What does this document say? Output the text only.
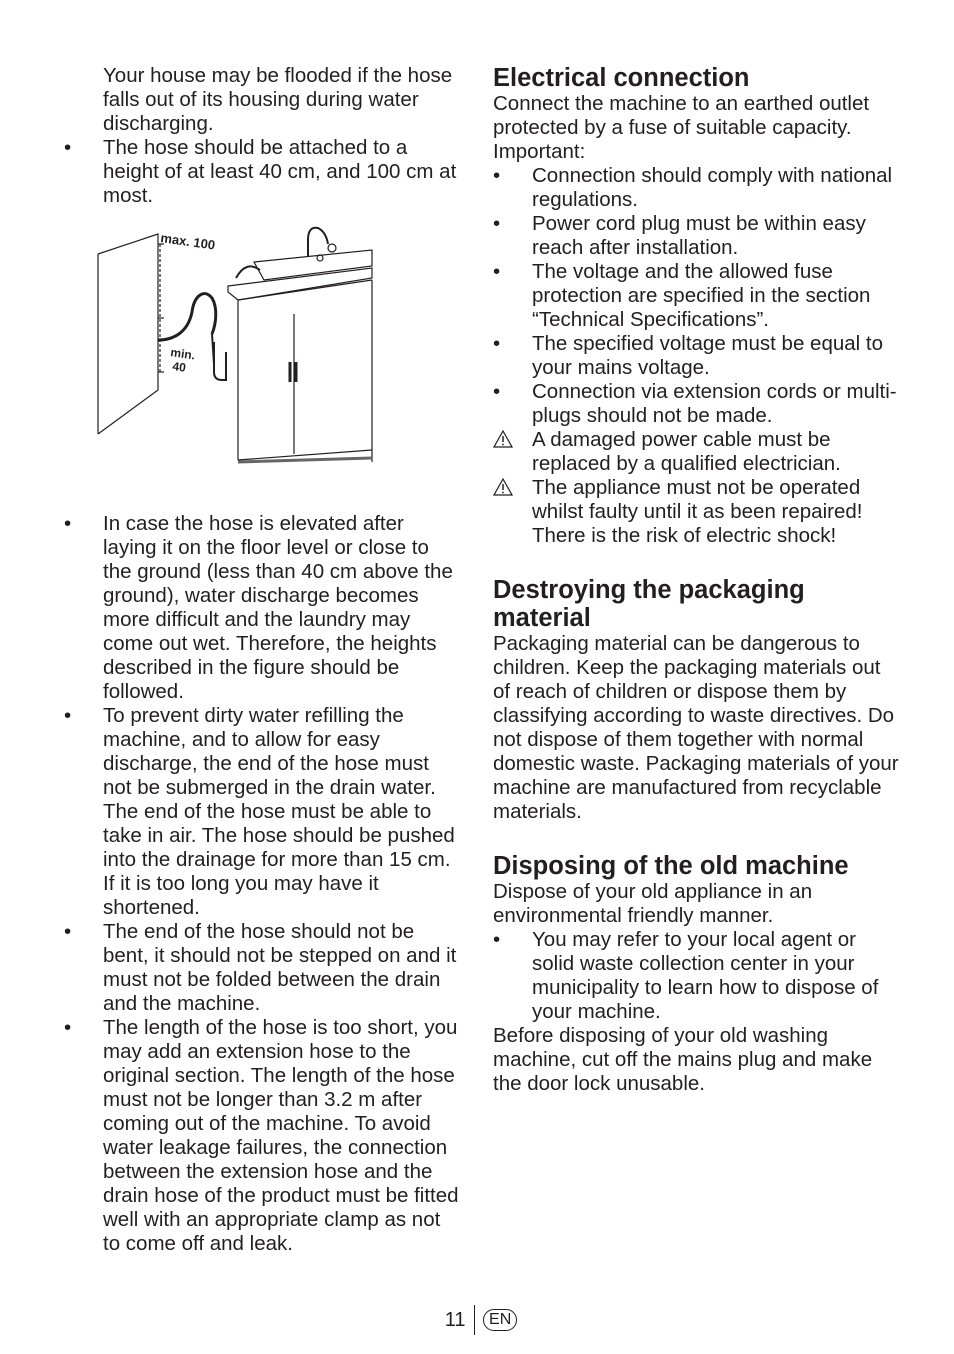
Your house may be flooded if the hose falls out of its housing during water discharging.

•	The hose should be attached to a height of at least 40 cm, and 100 cm at most.
max. 100
min.
40
•	In case the hose is elevated after laying it on the floor level or close to the ground (less than 40 cm above the ground), water discharge becomes more difficult and the laundry may come out wet. Therefore, the heights described in the figure should be followed.
•	To prevent dirty water refilling the machine, and to allow for easy discharge, the end of the hose must not be submerged in the drain water. The end of the hose must be able to take in air. The hose should be pushed into the drainage for more than 15 cm. If it is too long you may have it shortened.
•	The end of the hose should not be bent, it should not be stepped on and it must not be folded between the drain and the machine.
•	The length of the hose is too short, you may add an extension hose to the original section. The length of the hose must not be longer than 3.2 m after coming out of the machine. To avoid water leakage failures, the connection between the extension hose and the drain hose of the product must be fitted well with an appropriate clamp as not to come off and leak.
Electrical connection

Connect the machine to an earthed outlet protected by a fuse of suitable capacity.

Important:

•	Connection should comply with national regulations.
•	Power cord plug must be within easy reach after installation.
•	The voltage and the allowed fuse protection are specified in the section “Technical Specifications”.
•	The specified voltage must be equal to your mains voltage.
•	Connection via extension cords or multi-plugs should not be made.
A damaged power cable must be replaced by a qualified electrician.
The appliance must not be operated whilst faulty until it as been repaired! There is the risk of electric shock!
Destroying the packaging material

Packaging material can be dangerous to children. Keep the packaging materials out of reach of children or dispose them by classifying according to waste directives. Do not dispose of them together with normal domestic waste. Packaging materials of your machine are manufactured from recyclable materials.

Disposing of the old machine

Dispose of your old appliance in an environmental friendly manner.

•	You may refer to your local agent or solid waste collection center in your municipality to learn how to dispose of your machine.

Before disposing of your old washing machine, cut off the mains plug and make the door lock unusable.

11	EN
